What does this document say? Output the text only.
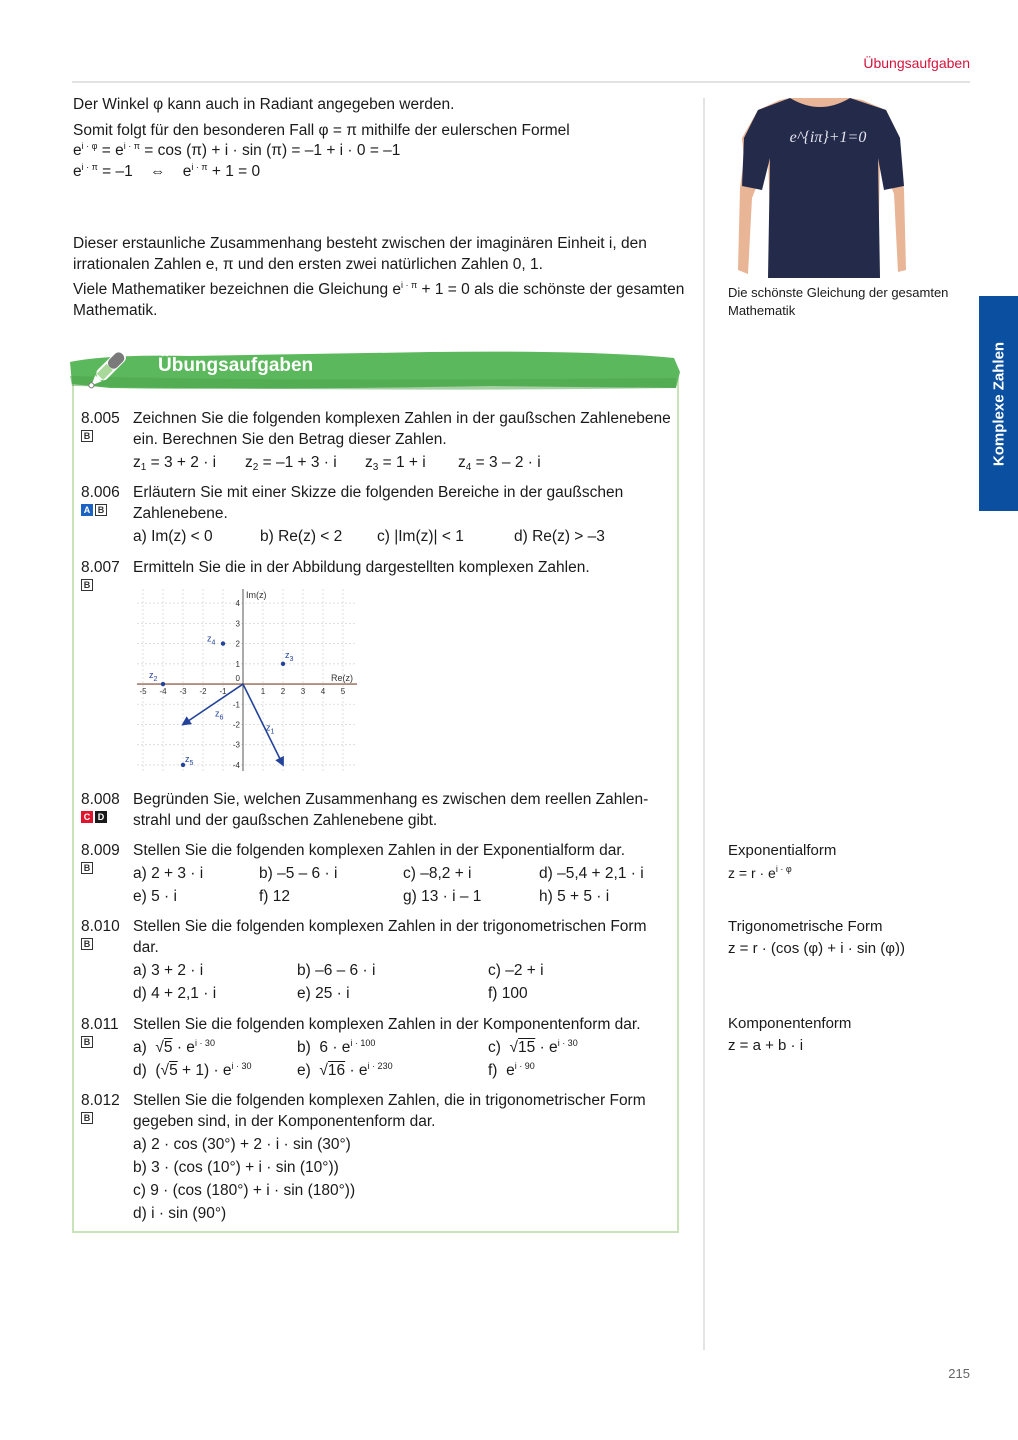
Übungsaufgaben

Der Winkel φ kann auch in Radiant angegeben werden.

Somit folgt für den besonderen Fall φ = π mithilfe der eulerschen Formel

$e^{i \cdot \varphi} = e^{i \cdot \pi} = \cos (\pi) + i \cdot \sin (\pi) = -1 + i \cdot 0 = -1$

$e^{i \cdot \pi} = -1$ ⇔ $e^{i \cdot \pi} + 1 = 0$

Dieser erstaunliche Zusammenhang besteht zwischen der imaginären Einheit i, den irrationalen Zahlen e, π und den ersten zwei natürlichen Zahlen 0, 1.

Viele Mathematiker bezeichnen die Gleichung $e^{i \cdot \pi} + 1 = 0$ als die schönste der gesamten Mathematik.

e^{iπ}+1=0
Die schönste Gleichung der gesamten Mathematik
Komplexe Zahlen
Übungsaufgaben
8.005
B
Zeichnen Sie die folgenden komplexen Zahlen in der gaußschen Zahlenebene ein. Berechnen Sie den Betrag dieser Zahlen.
$z_1 = 3 + 2 \cdot i$	$z_2 = -1 + 3 \cdot i$	$z_3 = 1 + i$	$z_4 = 3 - 2 \cdot i$
8.006
A B
Erläutern Sie mit einer Skizze die folgenden Bereiche in der gaußschen Zahlenebene.
a) Im(z) < 0	b) Re(z) < 2	c) |Im(z)| < 1	d) Re(z) > –3
8.007
B
Ermitteln Sie die in der Abbildung dargestellten komplexen Zahlen.
-5 -4 -3 -2 -1	1 2 3 4 5
4
3
2
1
-1
-2
-3
-4
0	Re(z)
Im(z)
$z_2$
$z_3$
$z_4$
$z_5$
$z_1$
$z_6$
8.008
C D
Begründen Sie, welchen Zusammenhang es zwischen dem reellen Zahlenstrahl und der gaußschen Zahlenebene gibt.
8.009
B
Stellen Sie die folgenden komplexen Zahlen in der Exponentialform dar.
a) 2 + 3 · i	b) –5 – 6 · i	c) –8,2 + i	d) –5,4 + 2,1 · i
e) 5 · i	f) 12	g) 13 · i – 1	h) 5 + 5 · i
8.010
B
Stellen Sie die folgenden komplexen Zahlen in der trigonometrischen Form dar.
a) 3 + 2 · i	b) –6 – 6 · i	c) –2 + i
d) 4 + 2,1 · i	e) 25 · i	f) 100
8.011
B
Stellen Sie die folgenden komplexen Zahlen in der Komponentenform dar.
a)  $√5 \cdot e^{i \cdot 30}$	b)  $6 \cdot e^{i \cdot 100}$	c)  $√15 \cdot e^{i \cdot 30}$
d)  $(√5 + 1) \cdot e^{i \cdot 30}$	e)  $√16 \cdot e^{i \cdot 230}$	f)  $e^{i \cdot 90}$
8.012
B
Stellen Sie die folgenden komplexen Zahlen, die in trigonometrischer Form gegeben sind, in der Komponentenform dar.
a) 2 · cos (30°) + 2 · i · sin (30°)
b) 3 · (cos (10°) + i · sin (10°))
c) 9 · (cos (180°) + i · sin (180°))
d) i · sin (90°)
Exponentialform
$z = r \cdot e^{i \cdot \varphi}$
Trigonometrische Form
z = r · (cos (φ) + i · sin (φ))
Komponentenform
z = a + b · i
215
